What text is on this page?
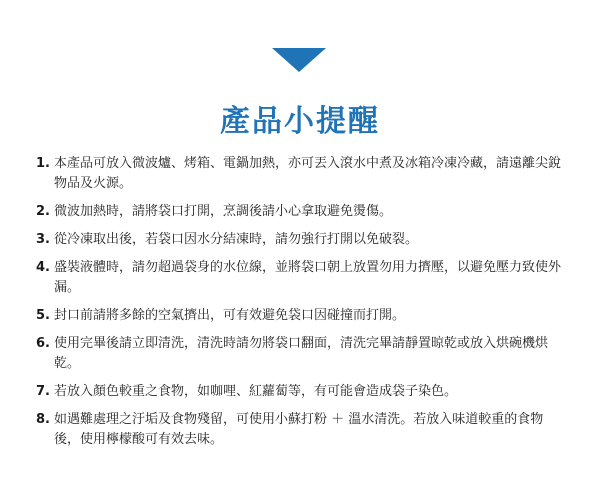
產品小提醒
1. 本產品可放入微波爐、烤箱、電鍋加熱，亦可丟入滾水中煮及冰箱冷凍冷藏，請遠離尖銳物品及火源。
2. 微波加熱時，請將袋口打開，烹調後請小心拿取避免燙傷。
3. 從冷凍取出後，若袋口因水分結凍時，請勿強行打開以免破裂。
4. 盛裝液體時，請勿超過袋身的水位線，並將袋口朝上放置勿用力擠壓，以避免壓力致使外漏。
5. 封口前請將多餘的空氣擠出，可有效避免袋口因碰撞而打開。
6. 使用完畢後請立即清洗，清洗時請勿將袋口翻面，清洗完畢請靜置晾乾或放入烘碗機烘乾。
7. 若放入顏色較重之食物，如咖哩、紅蘿蔔等，有可能會造成袋子染色。
8. 如遇難處理之汙垢及食物殘留，可使用小蘇打粉 ＋ 溫水清洗。若放入味道較重的食物後，使用檸檬酸可有效去味。
